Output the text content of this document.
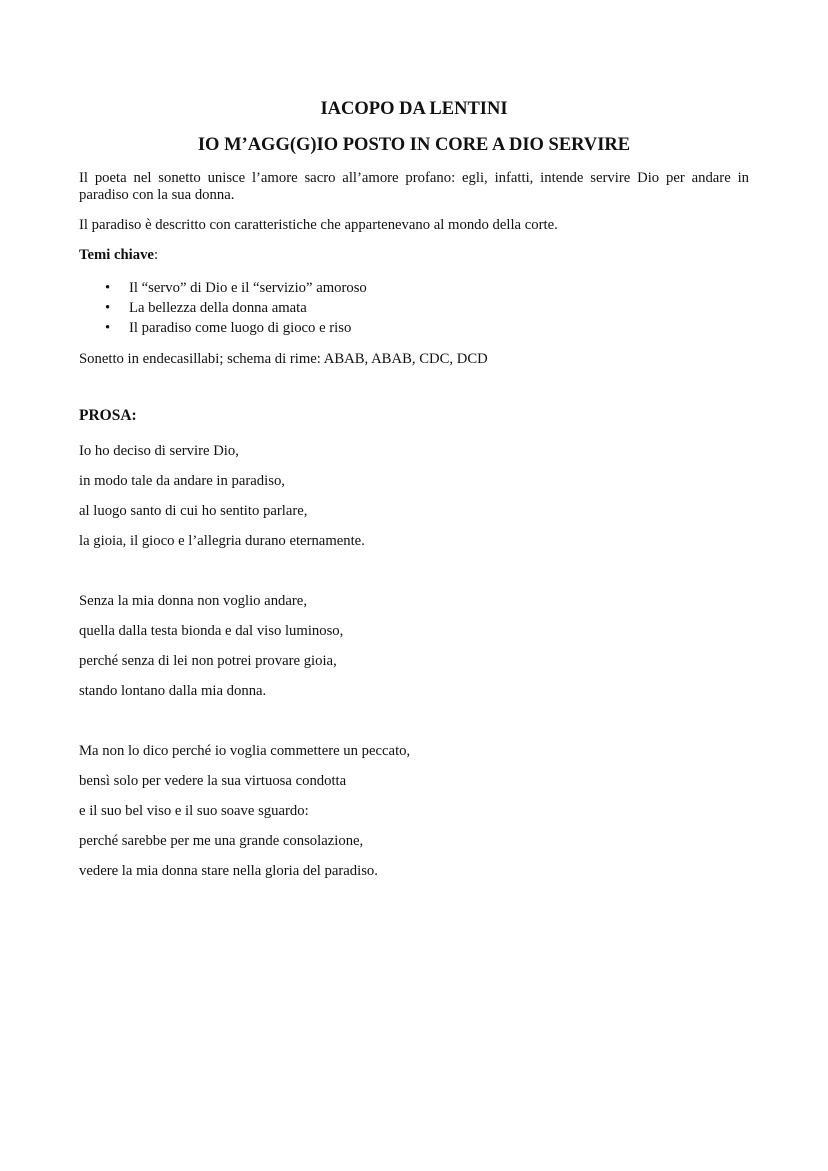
IACOPO DA LENTINI
IO M’AGG(G)IO POSTO IN CORE A DIO SERVIRE

Il poeta nel sonetto unisce l’amore sacro all’amore profano: egli, infatti, intende servire Dio per andare in paradiso con la sua donna.

Il paradiso è descritto con caratteristiche che appartenevano al mondo della corte.

Temi chiave:

• Il “servo” di Dio e il “servizio” amoroso
• La bellezza della donna amata
• Il paradiso come luogo di gioco e riso

Sonetto in endecasillabi; schema di rime: ABAB, ABAB, CDC, DCD

PROSA:
Io ho deciso di servire Dio,
in modo tale da andare in paradiso,
al luogo santo di cui ho sentito parlare,
la gioia, il gioco e l’allegria durano eternamente.
Senza la mia donna non voglio andare,
quella dalla testa bionda e dal viso luminoso,
perché senza di lei non potrei provare gioia,
stando lontano dalla mia donna.
Ma non lo dico perché io voglia commettere un peccato,
bensì solo per vedere la sua virtuosa condotta
e il suo bel viso e il suo soave sguardo:
perché sarebbe per me una grande consolazione,
vedere la mia donna stare nella gloria del paradiso.
